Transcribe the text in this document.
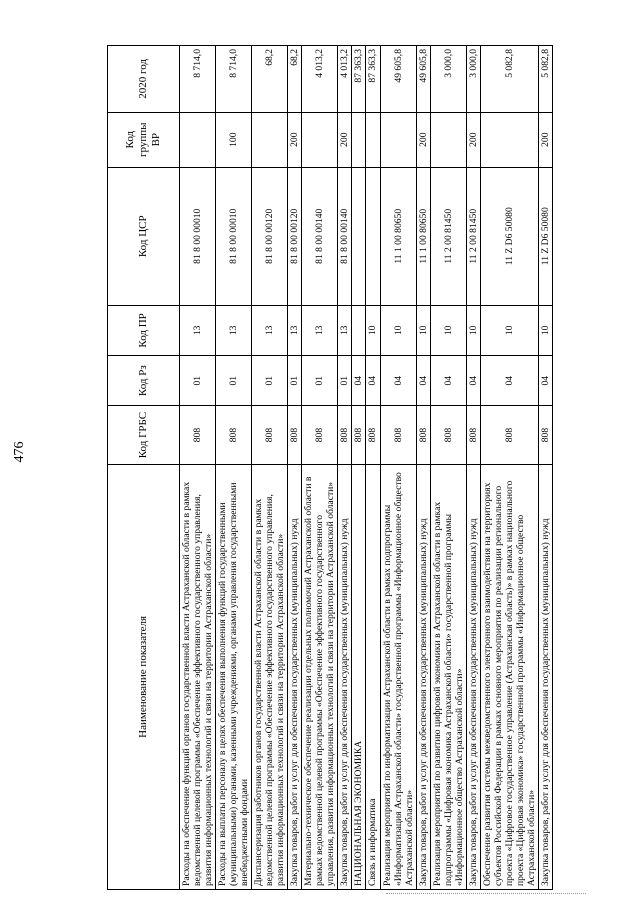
476
Наименование показателя	Код ГРБС	Код Рз	Код ПР	Код ЦСР	Код группы ВР	2020 год
Расходы на обеспечение функций органов государственной власти Астраханской области в рамках ведомственной целевой программы «Обеспечение эффективного государственного управления, развития информационных технологий и связи на территории Астраханской области»	808	01	13	81 8 00 00010		8 714,0
Расходы на выплаты персоналу в целях обеспечения выполнения функций государственными (муниципальными) органами, казенными учреждениями, органами управления государственными внебюджетными фондами	808	01	13	81 8 00 00010	100	8 714,0
Диспансеризация работников органов государственной власти Астраханской области в рамках ведомственной целевой программы «Обеспечение эффективного государственного управления, развития информационных технологий и связи на территории Астраханской области»	808	01	13	81 8 00 00120		68,2
Закупка товаров, работ и услуг для обеспечения государственных (муниципальных) нужд	808	01	13	81 8 00 00120	200	68,2
Материально-техническое обеспечение реализации отдельных полномочий Астраханской области в рамках ведомственной целевой программы «Обеспечение эффективного государственного управления, развития информационных технологий и связи на территории Астраханской области»	808	01	13	81 8 00 00140		4 013,2
Закупка товаров, работ и услуг для обеспечения государственных (муниципальных) нужд	808	01	13	81 8 00 00140	200	4 013,2
НАЦИОНАЛЬНАЯ ЭКОНОМИКА	808	04				87 363,3
Связь и информатика	808	04	10			87 363,3
Реализация мероприятий по информатизации Астраханской области в рамках подпрограммы «Информатизация Астраханской области» государственной программы «Информационное общество Астраханской области»	808	04	10	11 1 00 80650		49 605,8
Закупка товаров, работ и услуг для обеспечения государственных (муниципальных) нужд	808	04	10	11 1 00 80650	200	49 605,8
Реализация мероприятий по развитию цифровой экономики в Астраханской области в рамках подпрограммы «Цифровая экономика Астраханской области» государственной программы «Информационное общество Астраханской области»	808	04	10	11 2 00 81450		3 000,0
Закупка товаров, работ и услуг для обеспечения государственных (муниципальных) нужд	808	04	10	11 2 00 81450	200	3 000,0
Обеспечение развития системы межведомственного электронного взаимодействия на территориях субъектов Российской Федерации в рамках основного мероприятия по реализации регионального проекта «Цифровое государственное управление (Астраханская область)» в рамках национального проекта «Цифровая экономика» государственной программы «Информационное общество Астраханской области»	808	04	10	11 Z D6 50080		5 082,8
Закупка товаров, работ и услуг для обеспечения государственных (муниципальных) нужд	808	04	10	11 Z D6 50080	200	5 082,8
